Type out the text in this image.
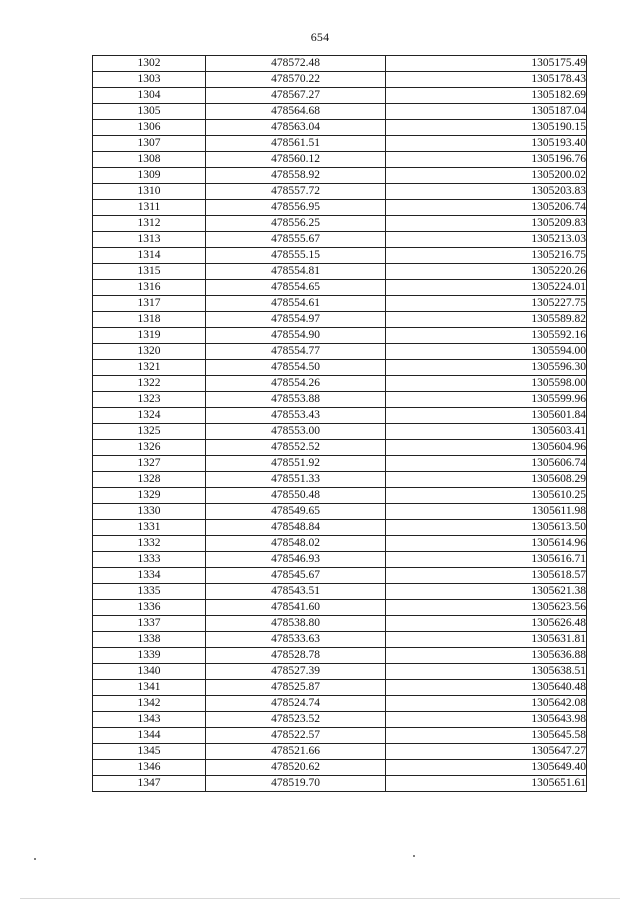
654
1302	478572.48	1305175.49
1303	478570.22	1305178.43
1304	478567.27	1305182.69
1305	478564.68	1305187.04
1306	478563.04	1305190.15
1307	478561.51	1305193.40
1308	478560.12	1305196.76
1309	478558.92	1305200.02
1310	478557.72	1305203.83
1311	478556.95	1305206.74
1312	478556.25	1305209.83
1313	478555.67	1305213.03
1314	478555.15	1305216.75
1315	478554.81	1305220.26
1316	478554.65	1305224.01
1317	478554.61	1305227.75
1318	478554.97	1305589.82
1319	478554.90	1305592.16
1320	478554.77	1305594.00
1321	478554.50	1305596.30
1322	478554.26	1305598.00
1323	478553.88	1305599.96
1324	478553.43	1305601.84
1325	478553.00	1305603.41
1326	478552.52	1305604.96
1327	478551.92	1305606.74
1328	478551.33	1305608.29
1329	478550.48	1305610.25
1330	478549.65	1305611.98
1331	478548.84	1305613.50
1332	478548.02	1305614.96
1333	478546.93	1305616.71
1334	478545.67	1305618.57
1335	478543.51	1305621.38
1336	478541.60	1305623.56
1337	478538.80	1305626.48
1338	478533.63	1305631.81
1339	478528.78	1305636.88
1340	478527.39	1305638.51
1341	478525.87	1305640.48
1342	478524.74	1305642.08
1343	478523.52	1305643.98
1344	478522.57	1305645.58
1345	478521.66	1305647.27
1346	478520.62	1305649.40
1347	478519.70	1305651.61
